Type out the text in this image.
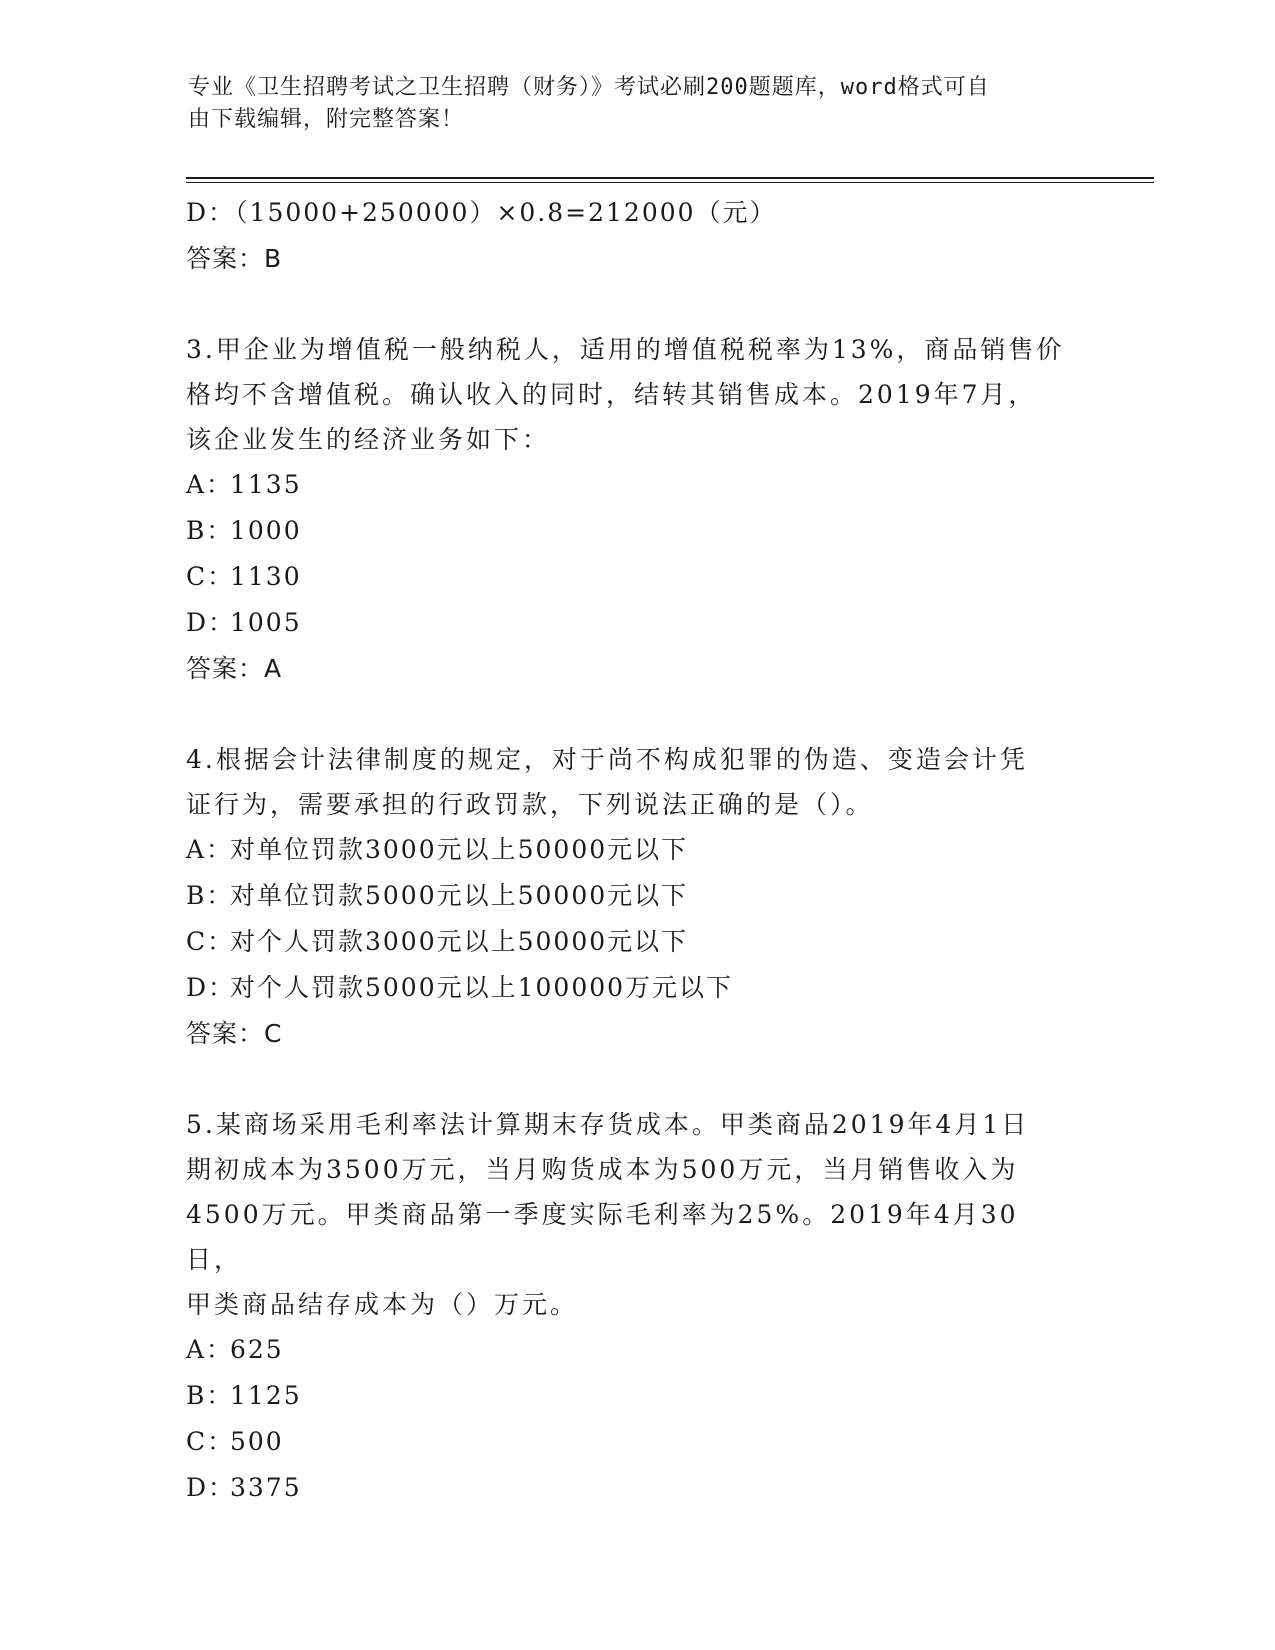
专业《卫生招聘考试之卫生招聘（财务）》考试必刷200题题库，word格式可自
由下载编辑，附完整答案！
D：（15000+250000）×0.8=212000（元）
答案：B
3.甲企业为增值税一般纳税人，适用的增值税税率为13%，商品销售价
格均不含增值税。确认收入的同时，结转其销售成本。2019年7月，
该企业发生的经济业务如下：
A：1135
B：1000
C：1130
D：1005
答案：A
4.根据会计法律制度的规定，对于尚不构成犯罪的伪造、变造会计凭
证行为，需要承担的行政罚款，下列说法正确的是（）。
A：对单位罚款3000元以上50000元以下
B：对单位罚款5000元以上50000元以下
C：对个人罚款3000元以上50000元以下
D：对个人罚款5000元以上100000万元以下
答案：C
5.某商场采用毛利率法计算期末存货成本。甲类商品2019年4月1日
期初成本为3500万元，当月购货成本为500万元，当月销售收入为
4500万元。甲类商品第一季度实际毛利率为25%。2019年4月30日，
甲类商品结存成本为（）万元。
A：625
B：1125
C：500
D：3375
